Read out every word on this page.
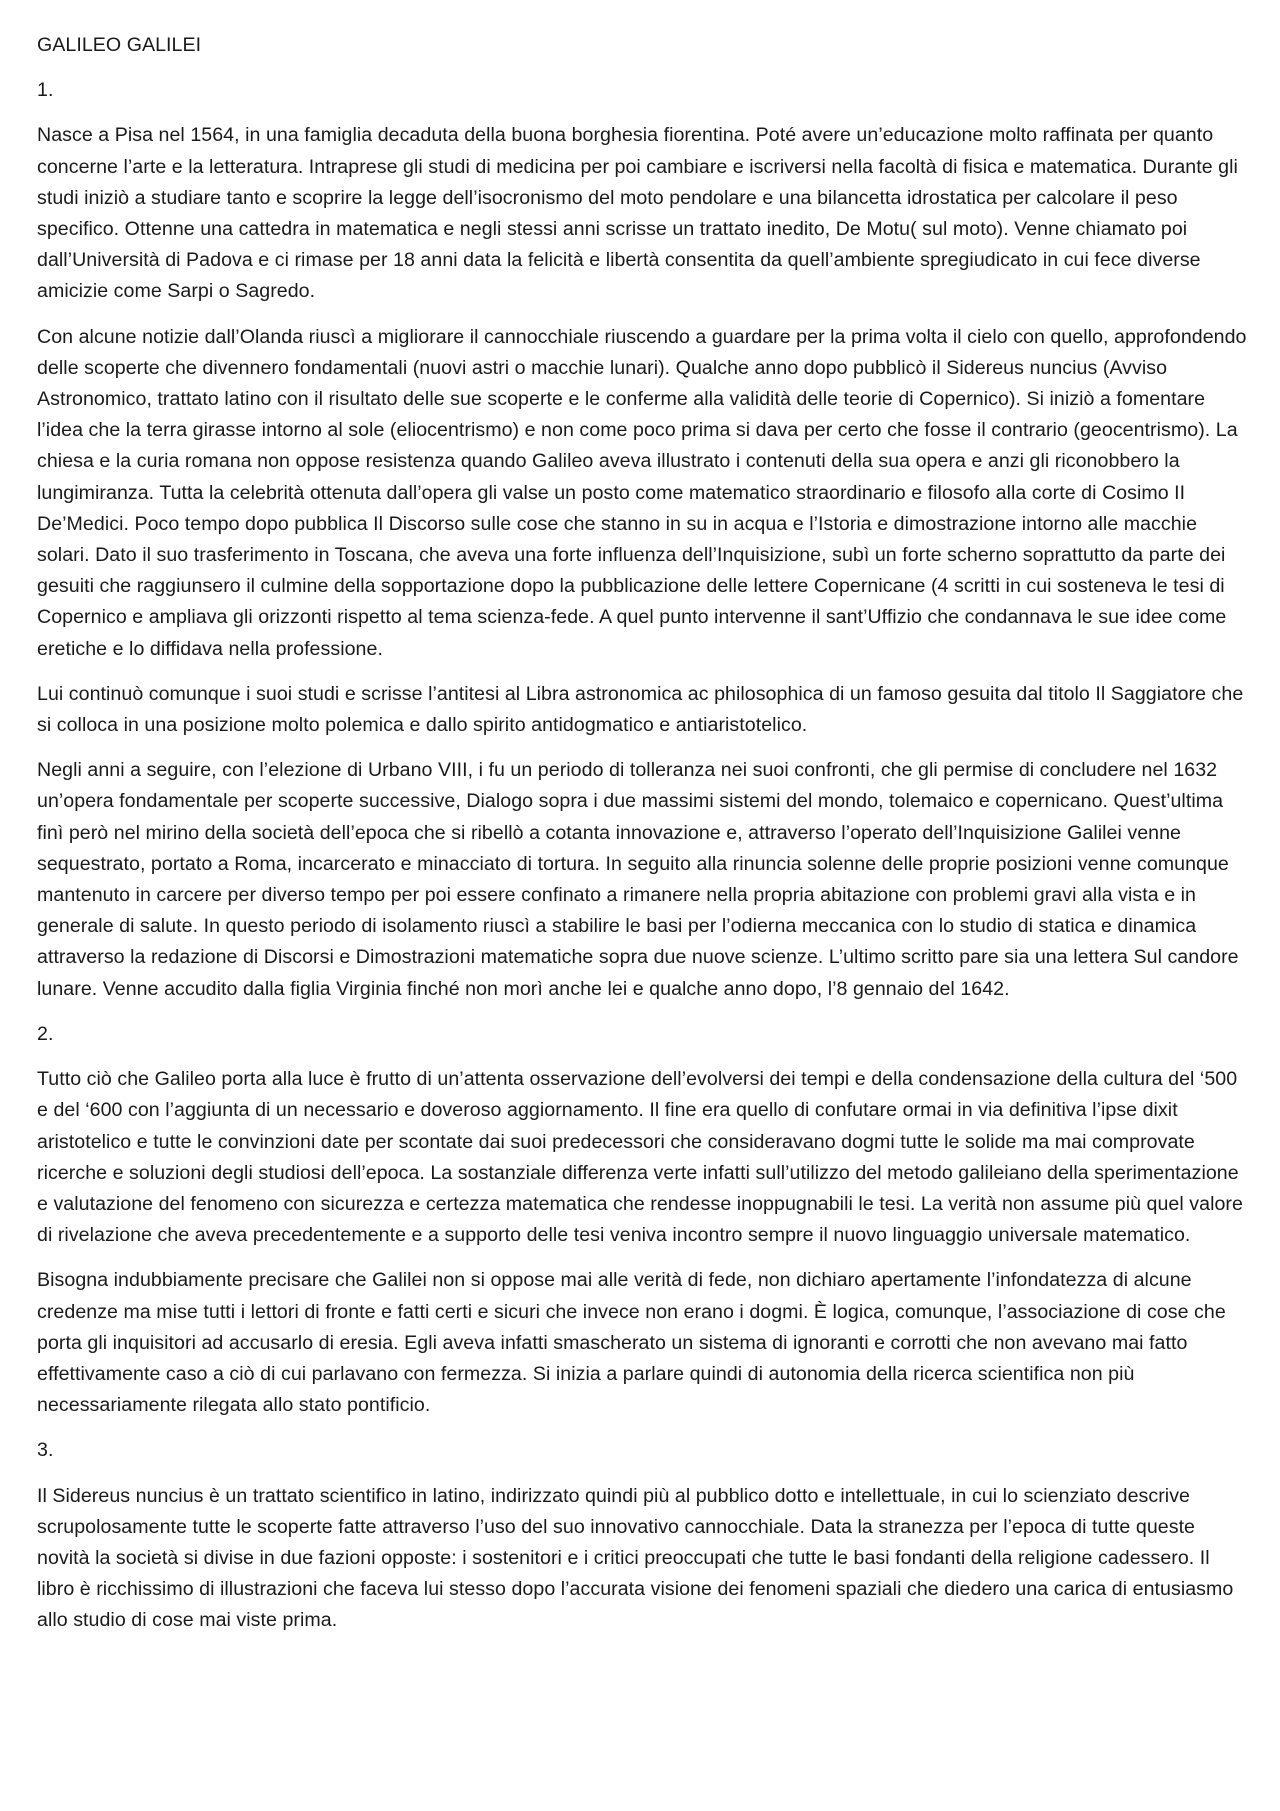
GALILEO GALILEI
1.

Nasce a Pisa nel 1564, in una famiglia decaduta della buona borghesia fiorentina. Poté avere un’educazione molto raffinata per quanto concerne l’arte e la letteratura. Intraprese gli studi di medicina per poi cambiare e iscriversi nella facoltà di fisica e matematica. Durante gli studi iniziò a studiare tanto e scoprire la legge dell’isocronismo del moto pendolare e una bilancetta idrostatica per calcolare il peso specifico. Ottenne una cattedra in matematica e negli stessi anni scrisse un trattato inedito, De Motu( sul moto). Venne chiamato poi dall’Università di Padova e ci rimase per 18 anni data la felicità e libertà consentita da quell’ambiente spregiudicato in cui fece diverse amicizie come Sarpi o Sagredo.

Con alcune notizie dall’Olanda riuscì a migliorare il cannocchiale riuscendo a guardare per la prima volta il cielo con quello, approfondendo delle scoperte che divennero fondamentali (nuovi astri o macchie lunari). Qualche anno dopo pubblicò il Sidereus nuncius (Avviso Astronomico, trattato latino con il risultato delle sue scoperte e le conferme alla validità delle teorie di Copernico). Si iniziò a fomentare l’idea che la terra girasse intorno al sole (eliocentrismo) e non come poco prima si dava per certo che fosse il contrario (geocentrismo). La chiesa e la curia romana non oppose resistenza quando Galileo aveva illustrato i contenuti della sua opera e anzi gli riconobbero la lungimiranza. Tutta la celebrità ottenuta dall’opera gli valse un posto come matematico straordinario e filosofo alla corte di Cosimo II De’Medici. Poco tempo dopo pubblica Il Discorso sulle cose che stanno in su in acqua e l’Istoria e dimostrazione intorno alle macchie solari. Dato il suo trasferimento in Toscana, che aveva una forte influenza dell’Inquisizione, subì un forte scherno soprattutto da parte dei gesuiti che raggiunsero il culmine della sopportazione dopo la pubblicazione delle lettere Copernicane (4 scritti in cui sosteneva le tesi di Copernico e ampliava gli orizzonti rispetto al tema scienza-fede. A quel punto intervenne il sant’Uffizio che condannava le sue idee come eretiche e lo diffidava nella professione.

Lui continuò comunque i suoi studi e scrisse l’antitesi al Libra astronomica ac philosophica di un famoso gesuita dal titolo Il Saggiatore che si colloca in una posizione molto polemica e dallo spirito antidogmatico e antiaristotelico.

Negli anni a seguire, con l’elezione di Urbano VIII, i fu un periodo di tolleranza nei suoi confronti, che gli permise di concludere nel 1632 un’opera fondamentale per scoperte successive, Dialogo sopra i due massimi sistemi del mondo, tolemaico e copernicano. Quest’ultima finì però nel mirino della società dell’epoca che si ribellò a cotanta innovazione e, attraverso l’operato dell’Inquisizione Galilei venne sequestrato, portato a Roma, incarcerato e minacciato di tortura. In seguito alla rinuncia solenne delle proprie posizioni venne comunque mantenuto in carcere per diverso tempo per poi essere confinato a rimanere nella propria abitazione con problemi gravi alla vista e in generale di salute. In questo periodo di isolamento riuscì a stabilire le basi per l’odierna meccanica con lo studio di statica e dinamica attraverso la redazione di Discorsi e Dimostrazioni matematiche sopra due nuove scienze. L’ultimo scritto pare sia una lettera Sul candore lunare. Venne accudito dalla figlia Virginia finché non morì anche lei e qualche anno dopo, l’8 gennaio del 1642.

2.

Tutto ciò che Galileo porta alla luce è frutto di un’attenta osservazione dell’evolversi dei tempi e della condensazione della cultura del ‘500 e del ‘600 con l’aggiunta di un necessario e doveroso aggiornamento. Il fine era quello di confutare ormai in via definitiva l’ipse dixit aristotelico e tutte le convinzioni date per scontate dai suoi predecessori che consideravano dogmi tutte le solide ma mai comprovate ricerche e soluzioni degli studiosi dell’epoca. La sostanziale differenza verte infatti sull’utilizzo del metodo galileiano della sperimentazione e valutazione del fenomeno con sicurezza e certezza matematica che rendesse inoppugnabili le tesi. La verità non assume più quel valore di rivelazione che aveva precedentemente e a supporto delle tesi veniva incontro sempre il nuovo linguaggio universale matematico.

Bisogna indubbiamente precisare che Galilei non si oppose mai alle verità di fede, non dichiaro apertamente l’infondatezza di alcune credenze ma mise tutti i lettori di fronte e fatti certi e sicuri che invece non erano i dogmi. È logica, comunque, l’associazione di cose che porta gli inquisitori ad accusarlo di eresia. Egli aveva infatti smascherato un sistema di ignoranti e corrotti che non avevano mai fatto effettivamente caso a ciò di cui parlavano con fermezza. Si inizia a parlare quindi di autonomia della ricerca scientifica non più necessariamente rilegata allo stato pontificio.

3.

Il Sidereus nuncius è un trattato scientifico in latino, indirizzato quindi più al pubblico dotto e intellettuale, in cui lo scienziato descrive scrupolosamente tutte le scoperte fatte attraverso l’uso del suo innovativo cannocchiale. Data la stranezza per l’epoca di tutte queste novità la società si divise in due fazioni opposte: i sostenitori e i critici preoccupati che tutte le basi fondanti della religione cadessero. Il libro è ricchissimo di illustrazioni che faceva lui stesso dopo l’accurata visione dei fenomeni spaziali che diedero una carica di entusiasmo allo studio di cose mai viste prima.
